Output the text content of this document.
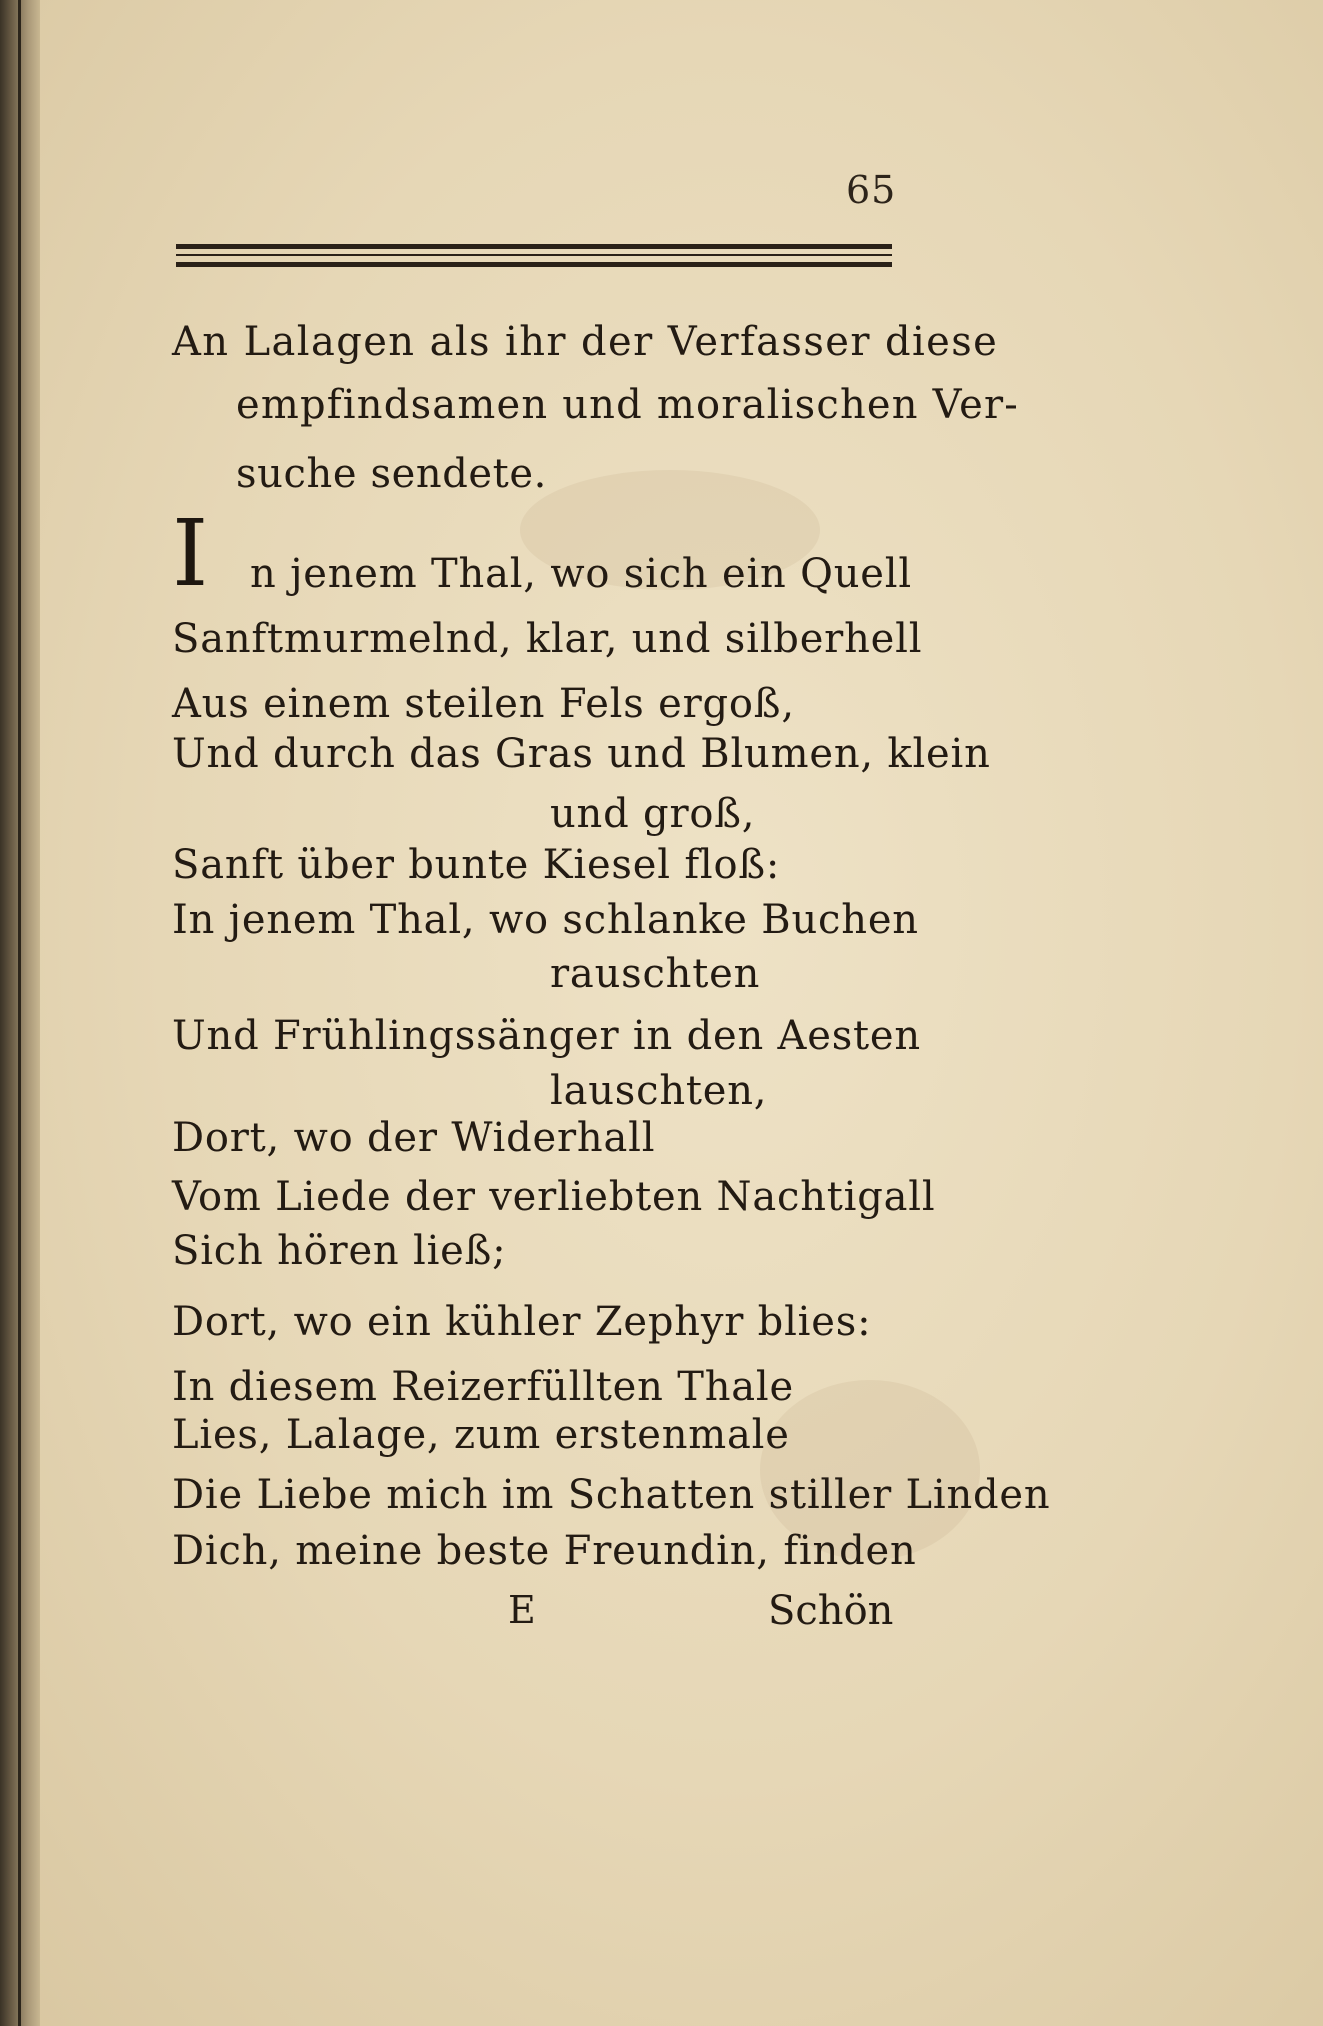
65
An Lalagen als ihr der Verfasser diese
empfindsamen und moralischen Ver-
suche sendete.
I n jenem Thal, wo sich ein Quell
Sanftmurmelnd, klar, und silberhell
Aus einem steilen Fels ergoß,
Und durch das Gras und Blumen, klein
und groß,
Sanft über bunte Kiesel floß:
In jenem Thal, wo schlanke Buchen
rauschten
Und Frühlingssänger in den Aesten
lauschten,
Dort, wo der Widerhall
Vom Liede der verliebten Nachtigall
Sich hören ließ;
Dort, wo ein kühler Zephyr blies:
In diesem Reizerfüllten Thale
Lies, Lalage, zum erstenmale
Die Liebe mich im Schatten stiller Linden
Dich, meine beste Freundin, finden
E	Schön
